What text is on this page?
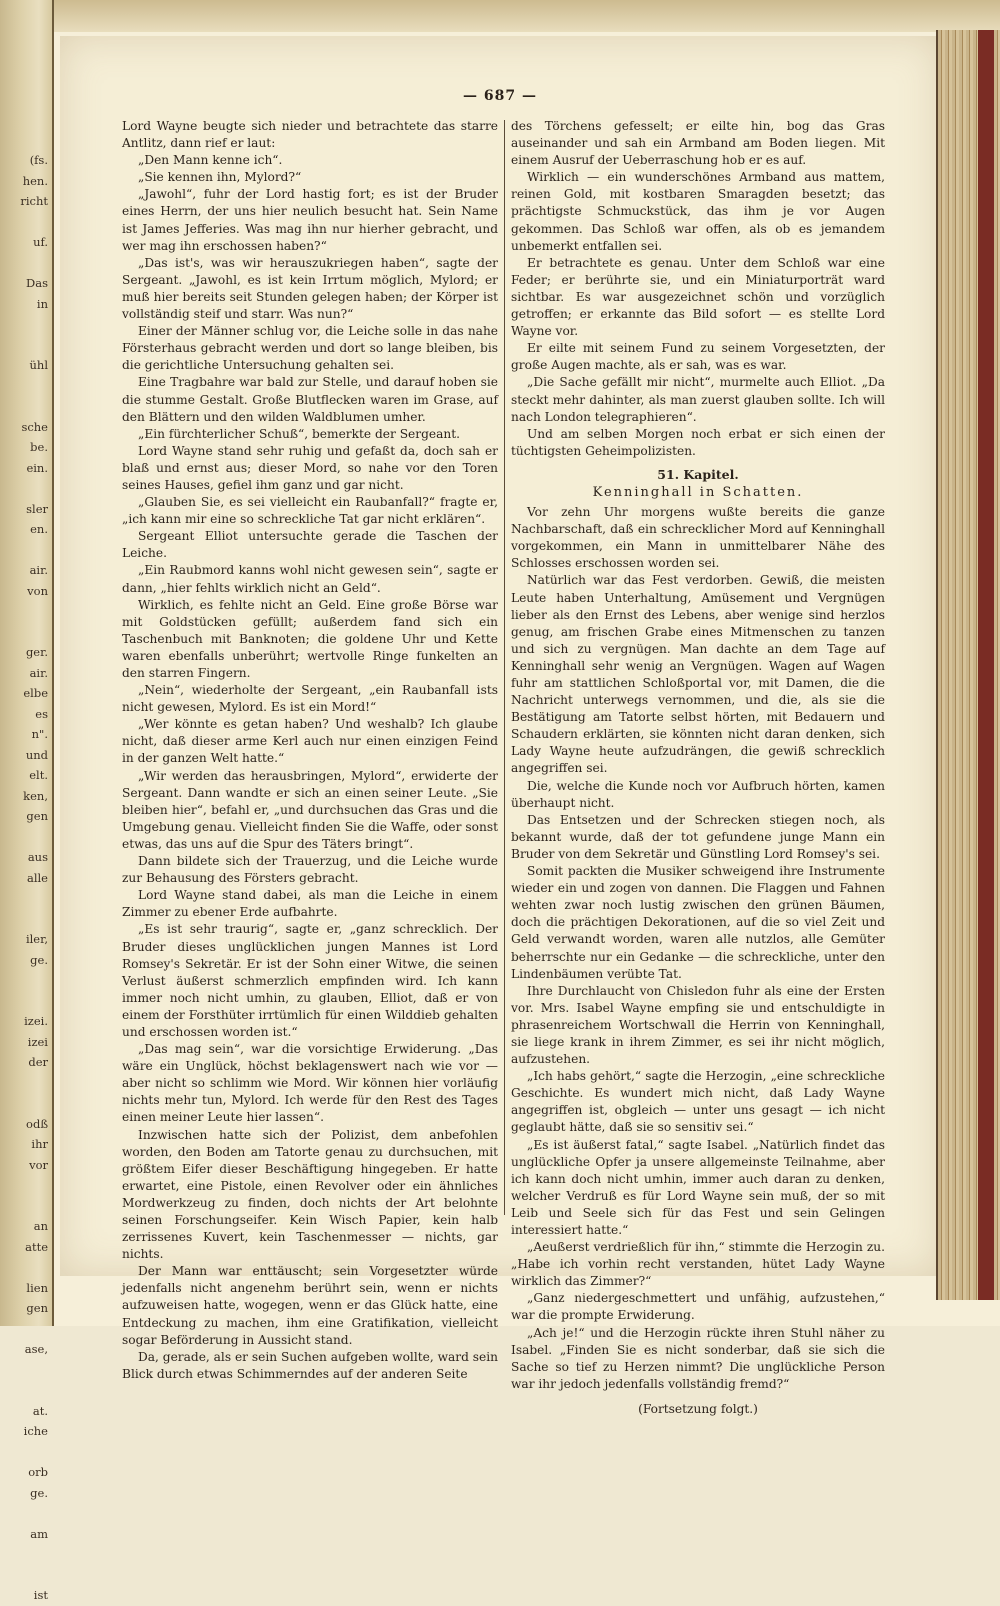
(fs.
hen.
richt
uf.
Das
in
ühl
sche
be.
ein.
sler
en.
air.
von
ger.
air.
elbe
es
n".
und
elt.
ken,
gen
aus
alle
iler,
ge.
izei.
izei
der
odß
ihr
vor
an
atte
lien
gen
ase,
at.
iche
orb
ge.
am
ist
— 687 —

Lord Wayne beugte sich nieder und betrachtete das starre Antlitz, dann rief er laut:

„Den Mann kenne ich“.

„Sie kennen ihn, Mylord?“

„Jawohl“, fuhr der Lord hastig fort; es ist der Bruder eines Herrn, der uns hier neulich besucht hat. Sein Name ist James Jefferies. Was mag ihn nur hierher gebracht, und wer mag ihn erschossen haben?“

„Das ist's, was wir herauszukriegen haben“, sagte der Sergeant. „Jawohl, es ist kein Irrtum möglich, Mylord; er muß hier bereits seit Stunden gelegen haben; der Körper ist vollständig steif und starr. Was nun?“

Einer der Männer schlug vor, die Leiche solle in das nahe Försterhaus gebracht werden und dort so lange bleiben, bis die gerichtliche Untersuchung gehalten sei.

Eine Tragbahre war bald zur Stelle, und darauf hoben sie die stumme Gestalt. Große Blutflecken waren im Grase, auf den Blättern und den wilden Waldblumen umher.

„Ein fürchterlicher Schuß“, bemerkte der Sergeant.

Lord Wayne stand sehr ruhig und gefaßt da, doch sah er blaß und ernst aus; dieser Mord, so nahe vor den Toren seines Hauses, gefiel ihm ganz und gar nicht.

„Glauben Sie, es sei vielleicht ein Raubanfall?“ fragte er, „ich kann mir eine so schreckliche Tat gar nicht erklären“.

Sergeant Elliot untersuchte gerade die Taschen der Leiche.

„Ein Raubmord kanns wohl nicht gewesen sein“, sagte er dann, „hier fehlts wirklich nicht an Geld“.

Wirklich, es fehlte nicht an Geld. Eine große Börse war mit Goldstücken gefüllt; außerdem fand sich ein Taschenbuch mit Banknoten; die goldene Uhr und Kette waren ebenfalls unberührt; wertvolle Ringe funkelten an den starren Fingern.

„Nein“, wiederholte der Sergeant, „ein Raubanfall ists nicht gewesen, Mylord. Es ist ein Mord!“

„Wer könnte es getan haben? Und weshalb? Ich glaube nicht, daß dieser arme Kerl auch nur einen einzigen Feind in der ganzen Welt hatte.“

„Wir werden das herausbringen, Mylord“, erwiderte der Sergeant. Dann wandte er sich an einen seiner Leute. „Sie bleiben hier“, befahl er, „und durchsuchen das Gras und die Umgebung genau. Vielleicht finden Sie die Waffe, oder sonst etwas, das uns auf die Spur des Täters bringt“.

Dann bildete sich der Trauerzug, und die Leiche wurde zur Behausung des Försters gebracht.

Lord Wayne stand dabei, als man die Leiche in einem Zimmer zu ebener Erde aufbahrte.

„Es ist sehr traurig“, sagte er, „ganz schrecklich. Der Bruder dieses unglücklichen jungen Mannes ist Lord Romsey's Sekretär. Er ist der Sohn einer Witwe, die seinen Verlust äußerst schmerzlich empfinden wird. Ich kann immer noch nicht umhin, zu glauben, Elliot, daß er von einem der Forsthüter irrtümlich für einen Wilddieb gehalten und erschossen worden ist.“

„Das mag sein“, war die vorsichtige Erwiderung. „Das wäre ein Unglück, höchst beklagenswert nach wie vor — aber nicht so schlimm wie Mord. Wir können hier vorläufig nichts mehr tun, Mylord. Ich werde für den Rest des Tages einen meiner Leute hier lassen“.

Inzwischen hatte sich der Polizist, dem anbefohlen worden, den Boden am Tatorte genau zu durchsuchen, mit größtem Eifer dieser Beschäftigung hingegeben. Er hatte erwartet, eine Pistole, einen Revolver oder ein ähnliches Mordwerkzeug zu finden, doch nichts der Art belohnte seinen Forschungseifer. Kein Wisch Papier, kein halb zerrissenes Kuvert, kein Taschenmesser — nichts, gar nichts.

Der Mann war enttäuscht; sein Vorgesetzter würde jedenfalls nicht angenehm berührt sein, wenn er nichts aufzuweisen hatte, wogegen, wenn er das Glück hatte, eine Entdeckung zu machen, ihm eine Gratifikation, vielleicht sogar Beförderung in Aussicht stand.

Da, gerade, als er sein Suchen aufgeben wollte, ward sein Blick durch etwas Schimmerndes auf der anderen Seite

des Törchens gefesselt; er eilte hin, bog das Gras auseinander und sah ein Armband am Boden liegen. Mit einem Ausruf der Ueberraschung hob er es auf.

Wirklich — ein wunderschönes Armband aus mattem, reinen Gold, mit kostbaren Smaragden besetzt; das prächtigste Schmuckstück, das ihm je vor Augen gekommen. Das Schloß war offen, als ob es jemandem unbemerkt entfallen sei.

Er betrachtete es genau. Unter dem Schloß war eine Feder; er berührte sie, und ein Miniaturporträt ward sichtbar. Es war ausgezeichnet schön und vorzüglich getroffen; er erkannte das Bild sofort — es stellte Lord Wayne vor.

Er eilte mit seinem Fund zu seinem Vorgesetzten, der große Augen machte, als er sah, was es war.

„Die Sache gefällt mir nicht“, murmelte auch Elliot. „Da steckt mehr dahinter, als man zuerst glauben sollte. Ich will nach London telegraphieren“.

Und am selben Morgen noch erbat er sich einen der tüchtigsten Geheimpolizisten.

51. Kapitel.
Kenninghall in Schatten.

Vor zehn Uhr morgens wußte bereits die ganze Nachbarschaft, daß ein schrecklicher Mord auf Kenninghall vorgekommen, ein Mann in unmittelbarer Nähe des Schlosses erschossen worden sei.

Natürlich war das Fest verdorben. Gewiß, die meisten Leute haben Unterhaltung, Amüsement und Vergnügen lieber als den Ernst des Lebens, aber wenige sind herzlos genug, am frischen Grabe eines Mitmenschen zu tanzen und sich zu vergnügen. Man dachte an dem Tage auf Kenninghall sehr wenig an Vergnügen. Wagen auf Wagen fuhr am stattlichen Schloßportal vor, mit Damen, die die Nachricht unterwegs vernommen, und die, als sie die Bestätigung am Tatorte selbst hörten, mit Bedauern und Schaudern erklärten, sie könnten nicht daran denken, sich Lady Wayne heute aufzudrängen, die gewiß schrecklich angegriffen sei.

Die, welche die Kunde noch vor Aufbruch hörten, kamen überhaupt nicht.

Das Entsetzen und der Schrecken stiegen noch, als bekannt wurde, daß der tot gefundene junge Mann ein Bruder von dem Sekretär und Günstling Lord Romsey's sei.

Somit packten die Musiker schweigend ihre Instrumente wieder ein und zogen von dannen. Die Flaggen und Fahnen wehten zwar noch lustig zwischen den grünen Bäumen, doch die prächtigen Dekorationen, auf die so viel Zeit und Geld verwandt worden, waren alle nutzlos, alle Gemüter beherrschte nur ein Gedanke — die schreckliche, unter den Lindenbäumen verübte Tat.

Ihre Durchlaucht von Chisledon fuhr als eine der Ersten vor. Mrs. Isabel Wayne empfing sie und entschuldigte in phrasenreichem Wortschwall die Herrin von Kenninghall, sie liege krank in ihrem Zimmer, es sei ihr nicht möglich, aufzustehen.

„Ich habs gehört,“ sagte die Herzogin, „eine schreckliche Geschichte. Es wundert mich nicht, daß Lady Wayne angegriffen ist, obgleich — unter uns gesagt — ich nicht geglaubt hätte, daß sie so sensitiv sei.“

„Es ist äußerst fatal,“ sagte Isabel. „Natürlich findet das unglückliche Opfer ja unsere allgemeinste Teilnahme, aber ich kann doch nicht umhin, immer auch daran zu denken, welcher Verdruß es für Lord Wayne sein muß, der so mit Leib und Seele sich für das Fest und sein Gelingen interessiert hatte.“

„Aeußerst verdrießlich für ihn,“ stimmte die Herzogin zu. „Habe ich vorhin recht verstanden, hütet Lady Wayne wirklich das Zimmer?“

„Ganz niedergeschmettert und unfähig, aufzustehen,“ war die prompte Erwiderung.

„Ach je!“ und die Herzogin rückte ihren Stuhl näher zu Isabel. „Finden Sie es nicht sonderbar, daß sie sich die Sache so tief zu Herzen nimmt? Die unglückliche Person war ihr jedoch jedenfalls vollständig fremd?“

(Fortsetzung folgt.)
